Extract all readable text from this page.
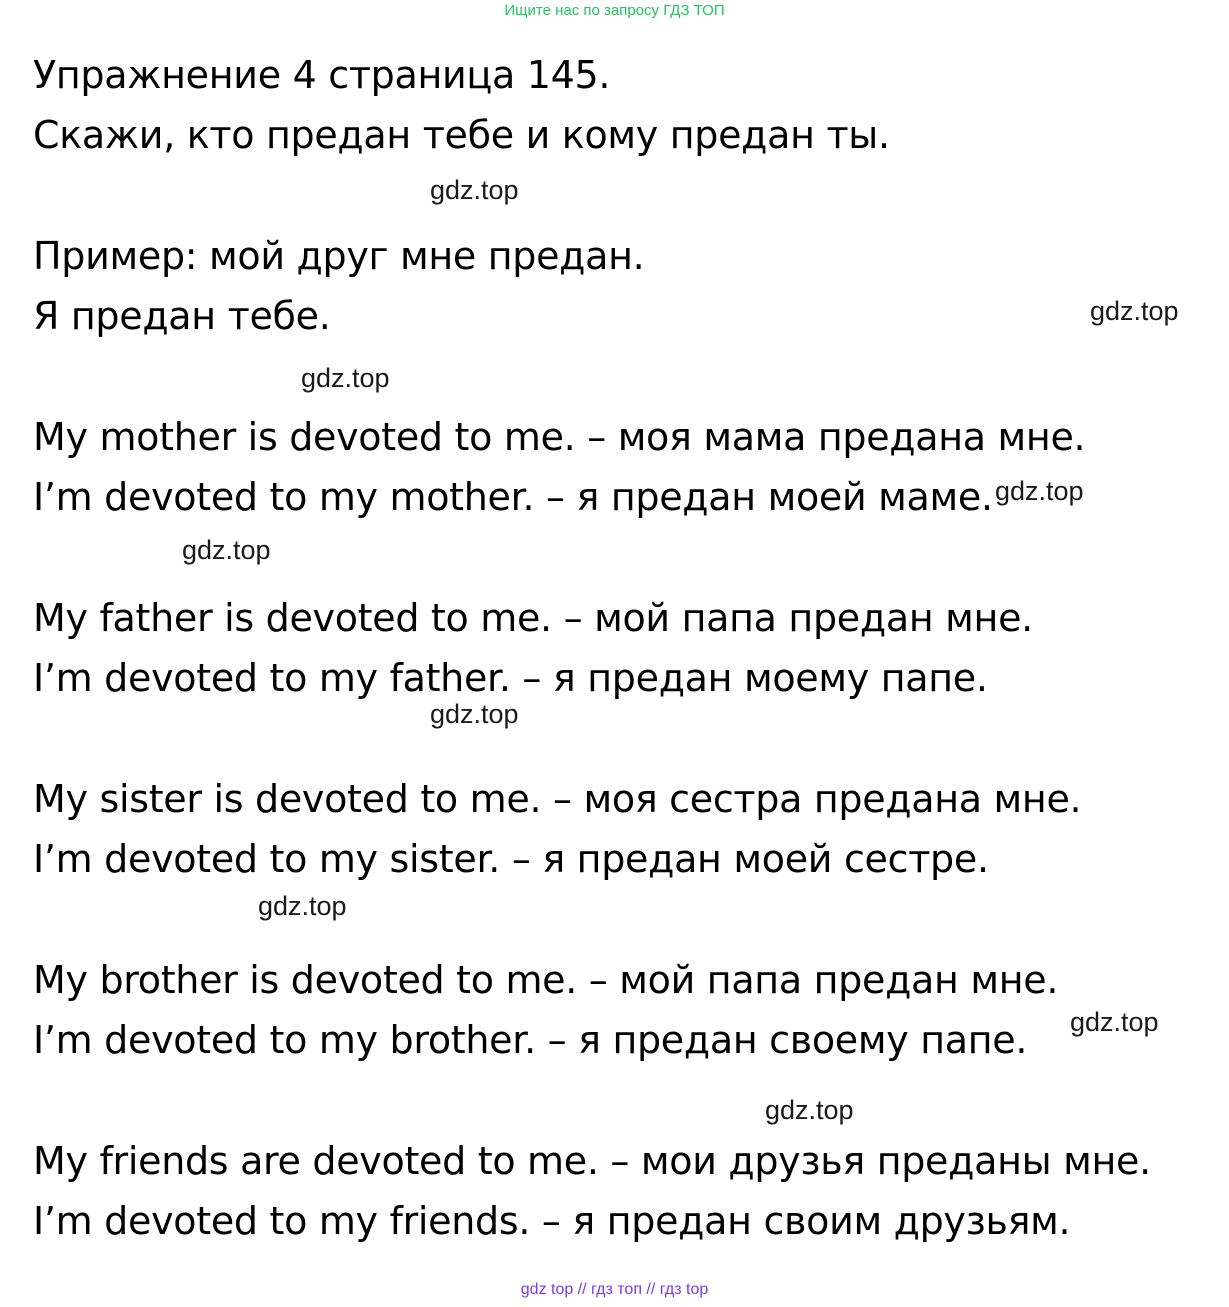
Ищите нас по запросу ГДЗ ТОП
Упражнение 4 страница 145.
Скажи, кто предан тебе и кому предан ты.
gdz.top
Пример: мой друг мне предан.
Я предан тебе.	gdz.top
gdz.top
My mother is devoted to me. – моя мама предана мне.
I’m devoted to my mother. – я предан моей маме. gdz.top
gdz.top
My father is devoted to me. – мой папа предан мне.
I’m devoted to my father. – я предан моему папе.
gdz.top
My sister is devoted to me. – моя сестра предана мне.
I’m devoted to my sister. – я предан моей сестре.
gdz.top
My brother is devoted to me. – мой папа предан мне.
I’m devoted to my brother. – я предан своему папе. gdz.top
gdz.top
My friends are devoted to me. – мои друзья преданы мне.
I’m devoted to my friends. – я предан своим друзьям.
gdz top // гдз топ // гдз top
